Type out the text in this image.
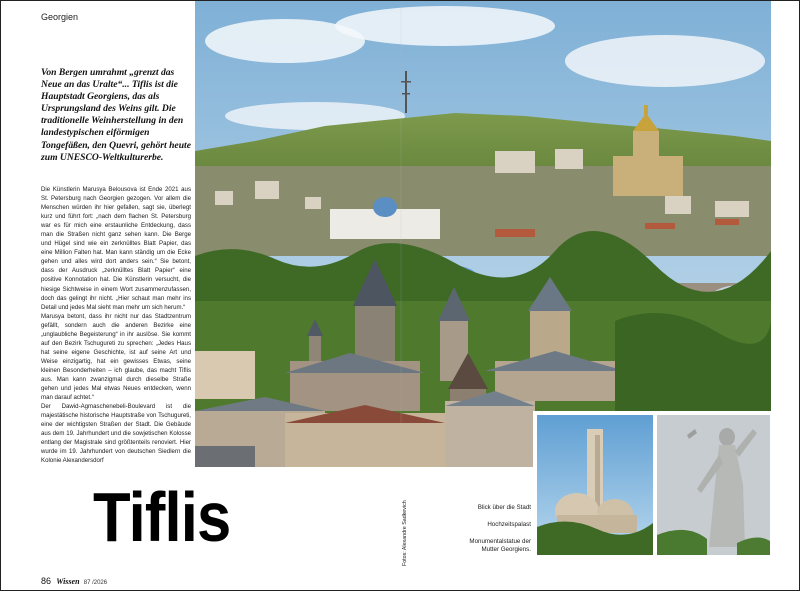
Georgien
Von Bergen umrahmt „grenzt das Neue an das Uralte“... Tiflis ist die Hauptstadt Georgiens, das als Ursprungsland des Weins gilt. Die traditionelle Weinherstellung in den landestypischen eiförmigen Tongefäßen, den Quevri, gehört heute zum UNESCO-Weltkulturerbe.

Die Künstlerin Marusya Belousova ist Ende 2021 aus St. Petersburg nach Georgien gezogen. Vor allem die Menschen würden ihr hier gefallen, sagt sie, überlegt kurz und führt fort: „nach dem flachen St. Petersburg war es für mich eine erstaunliche Entdeckung, dass man die Straßen nicht ganz sehen kann. Die Berge und Hügel sind wie ein zerknülltes Blatt Papier, das eine Million Falten hat. Man kann ständig um die Ecke gehen und alles wird dort anders sein.“ Sie betont, dass der Ausdruck „zerknülltes Blatt Papier“ eine positive Konnotation hat. Die Künstlerin versucht, die hiesige Sichtweise in einem Wort zusammenzufassen, doch das gelingt ihr nicht. „Hier schaut man mehr ins Detail und jedes Mal sieht man mehr um sich herum.“

Marusya betont, dass ihr nicht nur das Stadtzentrum gefällt, sondern auch die anderen Bezirke eine „unglaubliche Begeisterung“ in ihr auslöse. Sie kommt auf den Bezirk Tschugureti zu sprechen: „Jedes Haus hat seine eigene Geschichte, ist auf seine Art und Weise einzigartig, hat ein gewisses Etwas, seine kleinen Besonderheiten – ich glaube, das macht Tiflis aus. Man kann zwanzigmal durch dieselbe Straße gehen und jedes Mal etwas Neues entdecken, wenn man darauf achtet.“

Der Dawid-Agmaschenebeli-Boulevard ist die majestätische historische Hauptstraße von Tschugureti, eine der wichtigsten Straßen der Stadt. Die Gebäude aus dem 19. Jahrhundert und die sowjetischen Kolosse entlang der Magistrale sind größtenteils renoviert. Hier wurde im 19. Jahrhundert von deutschen Siedlern die Kolonie Alexandersdorf

Tiflis	Fotos: Alexandre Sadkevich	Blick über die Stadt
Hochzeitspalast
Monumentalstatue der Mutter Georgiens.
86 Wissen 87 /2026
